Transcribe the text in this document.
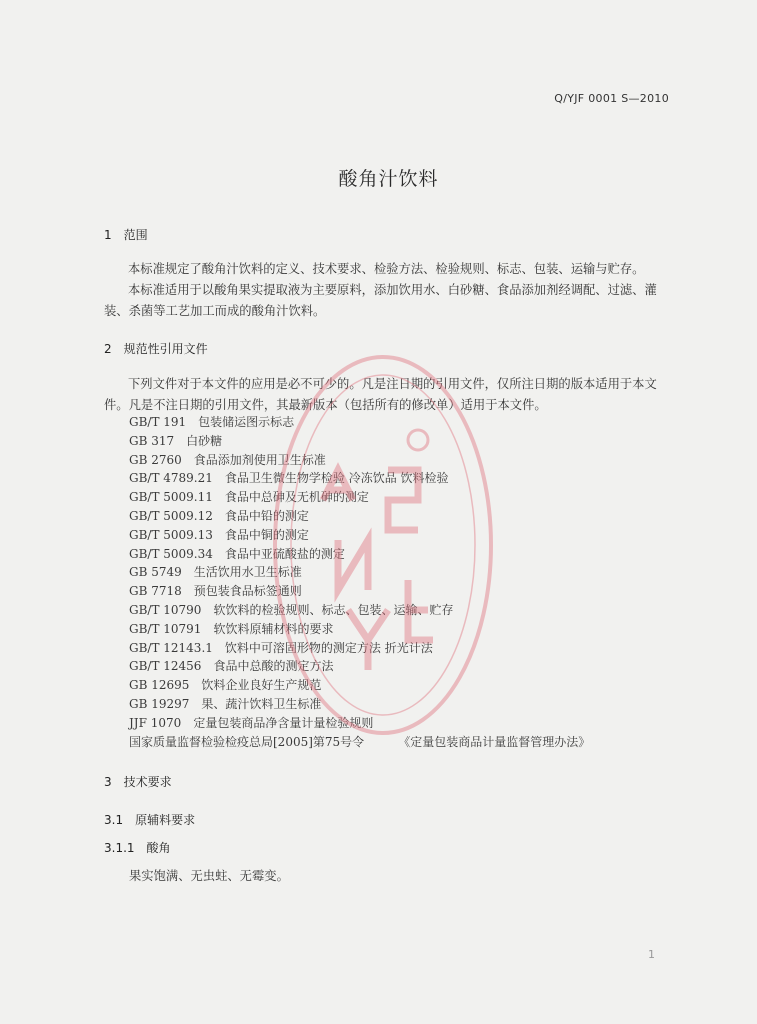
Q/YJF 0001 S—2010
酸角汁饮料
1 范围
本标准规定了酸角汁饮料的定义、技术要求、检验方法、检验规则、标志、包装、运输与贮存。
本标准适用于以酸角果实提取液为主要原料，添加饮用水、白砂糖、食品添加剂经调配、过滤、灌
装、杀菌等工艺加工而成的酸角汁饮料。
2 规范性引用文件
下列文件对于本文件的应用是必不可少的。凡是注日期的引用文件，仅所注日期的版本适用于本文
件。凡是不注日期的引用文件，其最新版本（包括所有的修改单）适用于本文件。
GB/T 191 包装储运图示标志
GB 317 白砂糖
GB 2760 食品添加剂使用卫生标准
GB/T 4789.21 食品卫生微生物学检验 冷冻饮品 饮料检验
GB/T 5009.11 食品中总砷及无机砷的测定
GB/T 5009.12 食品中铅的测定
GB/T 5009.13 食品中铜的测定
GB/T 5009.34 食品中亚硫酸盐的测定
GB 5749 生活饮用水卫生标准
GB 7718 预包装食品标签通则
GB/T 10790 软饮料的检验规则、标志、包装、运输、贮存
GB/T 10791 软饮料原辅材料的要求
GB/T 12143.1 饮料中可溶固形物的测定方法 折光计法
GB/T 12456 食品中总酸的测定方法
GB 12695 饮料企业良好生产规范
GB 19297 果、蔬汁饮料卫生标准
JJF 1070 定量包装商品净含量计量检验规则
国家质量监督检验检疫总局[2005]第75号令	《定量包装商品计量监督管理办法》
3 技术要求
3.1 原辅料要求
3.1.1 酸角
果实饱满、无虫蛀、无霉变。
1
